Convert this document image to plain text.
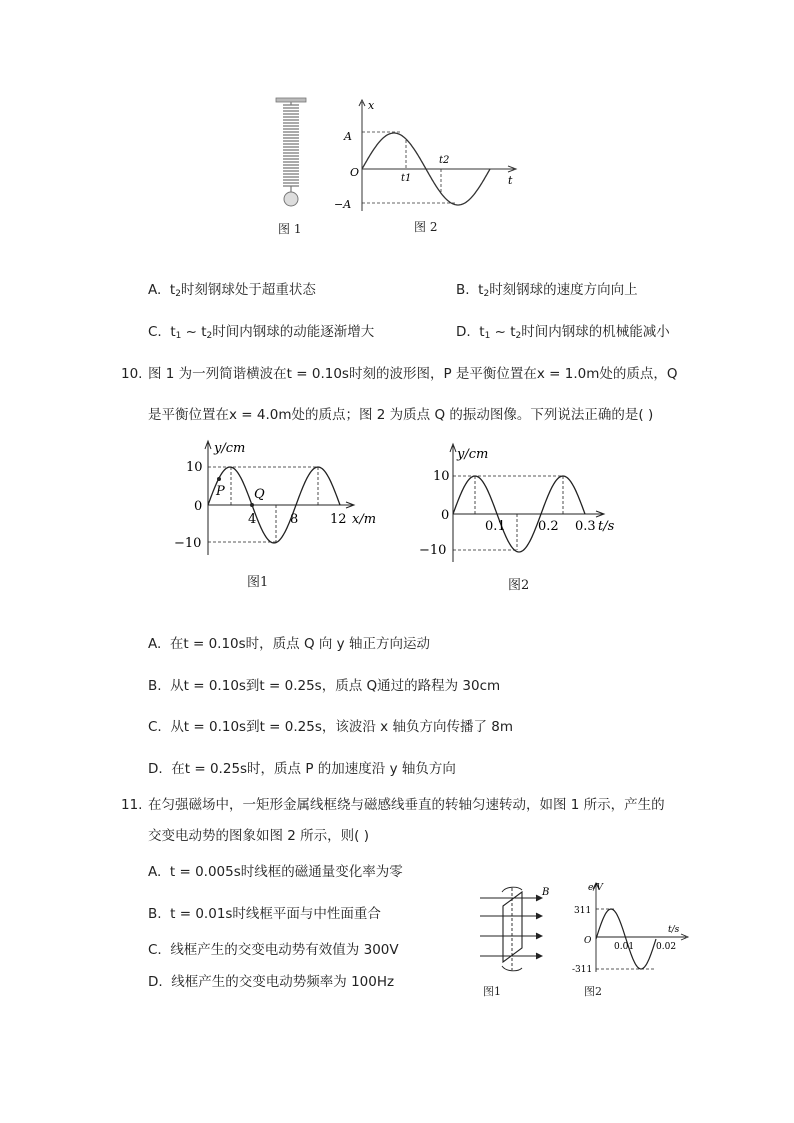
图 1
x
t
A
−A
O	t1
t2
图 2
A. $t_2$时刻钢球处于超重状态	B. $t_2$时刻钢球的速度方向向上
C. $t_1$ ~ $t_2$时间内钢球的动能逐渐增大	D. $t_1$ ~ $t_2$时间内钢球的机械能减小
10. 图 1 为一列简谐横波在t = 0.10s时刻的波形图，P 是平衡位置在x = 1.0m处的质点，Q
是平衡位置在x = 4.0m处的质点；图 2 为质点 Q 的振动图像。下列说法正确的是( )
y/cm
x/m
10
0
−10
4	8 12
P Q
图1
y/cm
t/s
10
0
−10
0.1 0.2 0.3
图2
A. 在t = 0.10s时，质点 Q 向 y 轴正方向运动
B. 从t = 0.10s到t = 0.25s，质点 Q通过的路程为 30cm
C. 从t = 0.10s到t = 0.25s，该波沿 x 轴负方向传播了 8m
D. 在t = 0.25s时，质点 P 的加速度沿 y 轴负方向
11. 在匀强磁场中，一矩形金属线框绕与磁感线垂直的转轴匀速转动，如图 1 所示，产生的
交变电动势的图象如图 2 所示，则( )
A. t = 0.005s时线框的磁通量变化率为零
B. t = 0.01s时线框平面与中性面重合
C. 线框产生的交变电动势有效值为 300V
D. 线框产生的交变电动势频率为 100Hz
B
图1
e/V
t/s
311
-311
O
0.01 0.02
图2
